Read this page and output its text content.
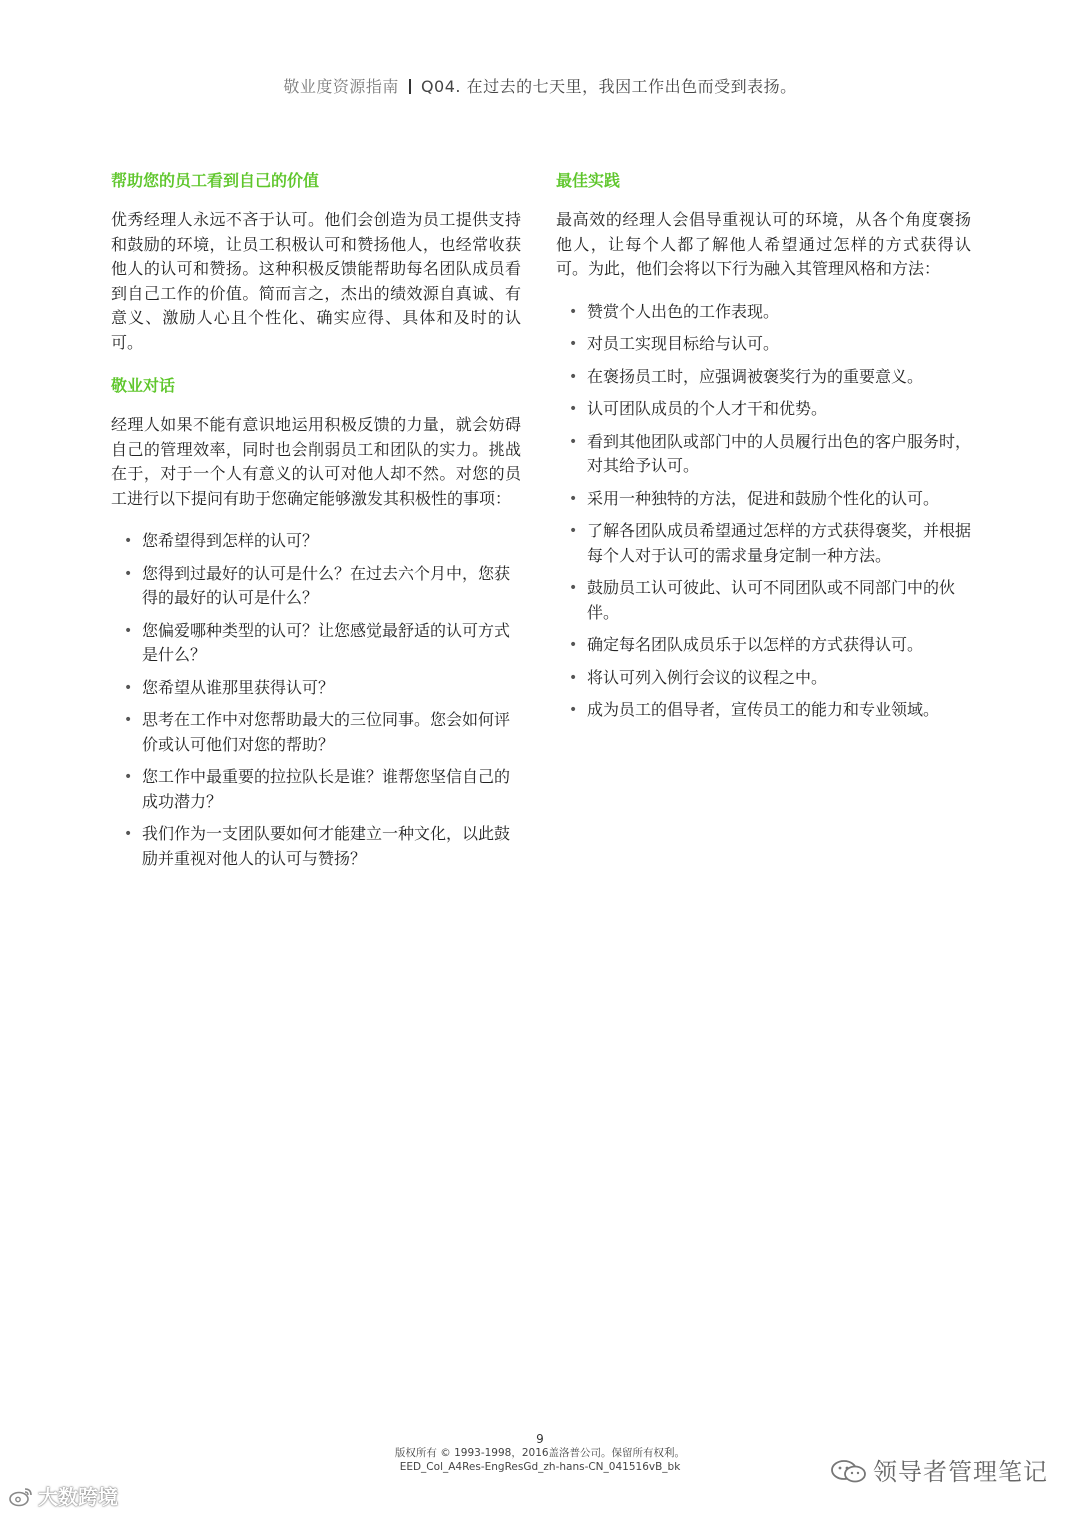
敬业度资源指南 Q04. 在过去的七天里，我因工作出色而受到表扬。
帮助您的员工看到自己的价值

优秀经理人永远不吝于认可。他们会创造为员工提供支持和鼓励的环境，让员工积极认可和赞扬他人，也经常收获他人的认可和赞扬。这种积极反馈能帮助每名团队成员看到自己工作的价值。简而言之，杰出的绩效源自真诚、有意义、激励人心且个性化、确实应得、具体和及时的认可。

敬业对话

经理人如果不能有意识地运用积极反馈的力量，就会妨碍自己的管理效率，同时也会削弱员工和团队的实力。挑战在于，对于一个人有意义的认可对他人却不然。对您的员工进行以下提问有助于您确定能够激发其积极性的事项：

• 您希望得到怎样的认可？
• 您得到过最好的认可是什么？在过去六个月中，您获得的最好的认可是什么？
• 您偏爱哪种类型的认可？让您感觉最舒适的认可方式是什么？
• 您希望从谁那里获得认可？
• 思考在工作中对您帮助最大的三位同事。您会如何评价或认可他们对您的帮助？
• 您工作中最重要的拉拉队长是谁？谁帮您坚信自己的成功潜力？
• 我们作为一支团队要如何才能建立一种文化，以此鼓励并重视对他人的认可与赞扬？
最佳实践

最高效的经理人会倡导重视认可的环境，从各个角度褒扬他人，让每个人都了解他人希望通过怎样的方式获得认可。为此，他们会将以下行为融入其管理风格和方法：

• 赞赏个人出色的工作表现。
• 对员工实现目标给与认可。
• 在褒扬员工时，应强调被褒奖行为的重要意义。
• 认可团队成员的个人才干和优势。
• 看到其他团队或部门中的人员履行出色的客户服务时，对其给予认可。
• 采用一种独特的方法，促进和鼓励个性化的认可。
• 了解各团队成员希望通过怎样的方式获得褒奖，并根据每个人对于认可的需求量身定制一种方法。
• 鼓励员工认可彼此、认可不同团队或不同部门中的伙伴。
• 确定每名团队成员乐于以怎样的方式获得认可。
• 将认可列入例行会议的议程之中。
• 成为员工的倡导者，宣传员工的能力和专业领域。
9
版权所有 © 1993-1998，2016盖洛普公司。保留所有权利。
EED_Col_A4Res-EngResGd_zh-hans-CN_041516vB_bk
大数跨境
领导者管理笔记
